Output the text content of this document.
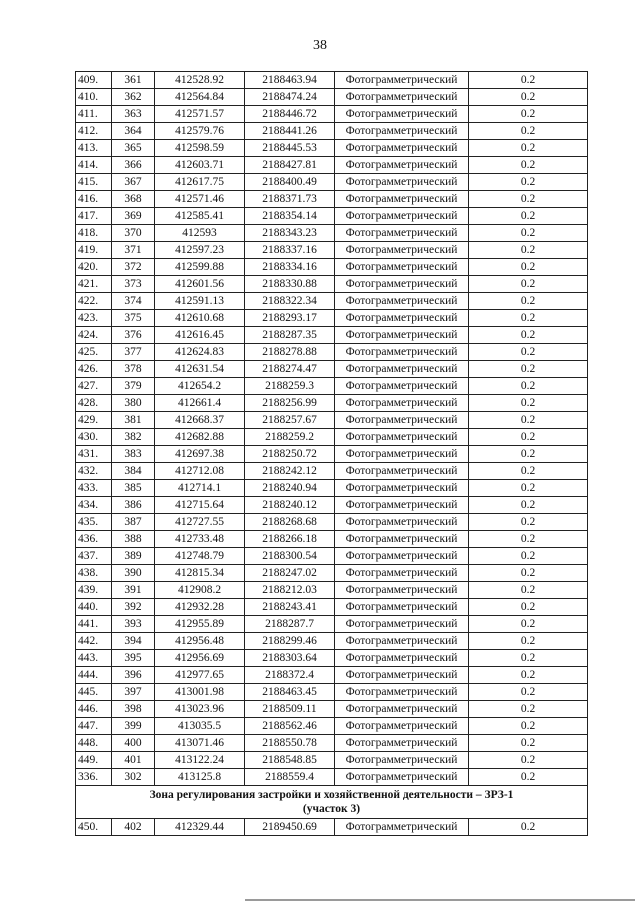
38
409.	361	412528.92	2188463.94	Фотограмметрический	0.2
410.	362	412564.84	2188474.24	Фотограмметрический	0.2
411.	363	412571.57	2188446.72	Фотограмметрический	0.2
412.	364	412579.76	2188441.26	Фотограмметрический	0.2
413.	365	412598.59	2188445.53	Фотограмметрический	0.2
414.	366	412603.71	2188427.81	Фотограмметрический	0.2
415.	367	412617.75	2188400.49	Фотограмметрический	0.2
416.	368	412571.46	2188371.73	Фотограмметрический	0.2
417.	369	412585.41	2188354.14	Фотограмметрический	0.2
418.	370	412593	2188343.23	Фотограмметрический	0.2
419.	371	412597.23	2188337.16	Фотограмметрический	0.2
420.	372	412599.88	2188334.16	Фотограмметрический	0.2
421.	373	412601.56	2188330.88	Фотограмметрический	0.2
422.	374	412591.13	2188322.34	Фотограмметрический	0.2
423.	375	412610.68	2188293.17	Фотограмметрический	0.2
424.	376	412616.45	2188287.35	Фотограмметрический	0.2
425.	377	412624.83	2188278.88	Фотограмметрический	0.2
426.	378	412631.54	2188274.47	Фотограмметрический	0.2
427.	379	412654.2	2188259.3	Фотограмметрический	0.2
428.	380	412661.4	2188256.99	Фотограмметрический	0.2
429.	381	412668.37	2188257.67	Фотограмметрический	0.2
430.	382	412682.88	2188259.2	Фотограмметрический	0.2
431.	383	412697.38	2188250.72	Фотограмметрический	0.2
432.	384	412712.08	2188242.12	Фотограмметрический	0.2
433.	385	412714.1	2188240.94	Фотограмметрический	0.2
434.	386	412715.64	2188240.12	Фотограмметрический	0.2
435.	387	412727.55	2188268.68	Фотограмметрический	0.2
436.	388	412733.48	2188266.18	Фотограмметрический	0.2
437.	389	412748.79	2188300.54	Фотограмметрический	0.2
438.	390	412815.34	2188247.02	Фотограмметрический	0.2
439.	391	412908.2	2188212.03	Фотограмметрический	0.2
440.	392	412932.28	2188243.41	Фотограмметрический	0.2
441.	393	412955.89	2188287.7	Фотограмметрический	0.2
442.	394	412956.48	2188299.46	Фотограмметрический	0.2
443.	395	412956.69	2188303.64	Фотограмметрический	0.2
444.	396	412977.65	2188372.4	Фотограмметрический	0.2
445.	397	413001.98	2188463.45	Фотограмметрический	0.2
446.	398	413023.96	2188509.11	Фотограмметрический	0.2
447.	399	413035.5	2188562.46	Фотограмметрический	0.2
448.	400	413071.46	2188550.78	Фотограмметрический	0.2
449.	401	413122.24	2188548.85	Фотограмметрический	0.2
336.	302	413125.8	2188559.4	Фотограмметрический	0.2
Зона регулирования застройки и хозяйственной деятельности – ЗРЗ-1
(участок 3)					
450.	402	412329.44	2189450.69	Фотограмметрический	0.2
